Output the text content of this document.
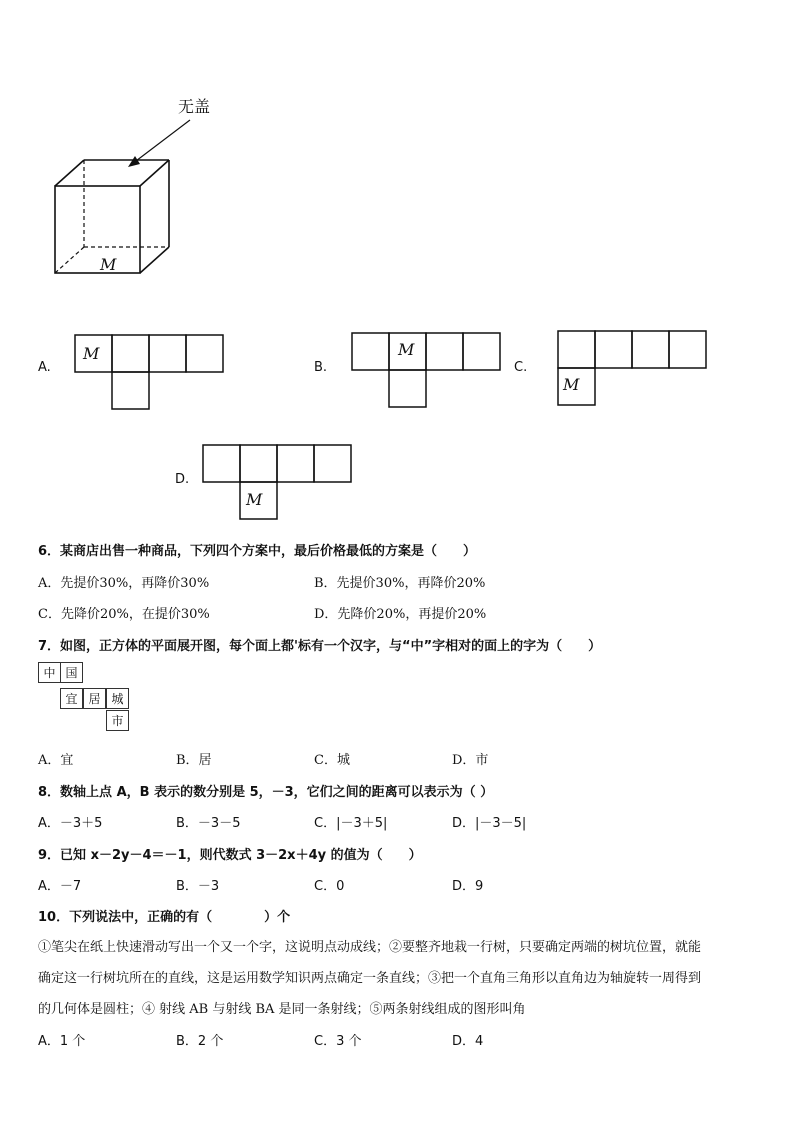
无盖
M
A.
M
B.
M
C.
M
D.
M
6．某商店出售一种商品，下列四个方案中，最后价格最低的方案是（　　）
A．先提价30%，再降价30%	B．先提价30%，再降价20%
C．先降价20%，在提价30%	D．先降价20%，再提价20%
7．如图，正方体的平面展开图，每个面上都'标有一个汉字，与“中”字相对的面上的字为（　　）
中 国
宜 居 城
市
A．宜	B．居	C．城	D．市
8．数轴上点 A，B 表示的数分别是 5，－3，它们之间的距离可以表示为（ ）
A．－3＋5	B．－3－5	C．|－3＋5|	D．|－3－5|
9．已知 x－2y－4＝－1，则代数式 3－2x＋4y 的值为（　　）
A．－7	B．－3	C．0	D．9
10．下列说法中，正确的有（　　　　）个
①笔尖在纸上快速滑动写出一个又一个字，这说明点动成线；②要整齐地栽一行树，只要确定两端的树坑位置，就能
确定这一行树坑所在的直线，这是运用数学知识两点确定一条直线；③把一个直角三角形以直角边为轴旋转一周得到
的几何体是圆柱；④ 射线 AB 与射线 BA 是同一条射线；⑤两条射线组成的图形叫角
A．1 个	B．2 个	C．3 个	D．4
